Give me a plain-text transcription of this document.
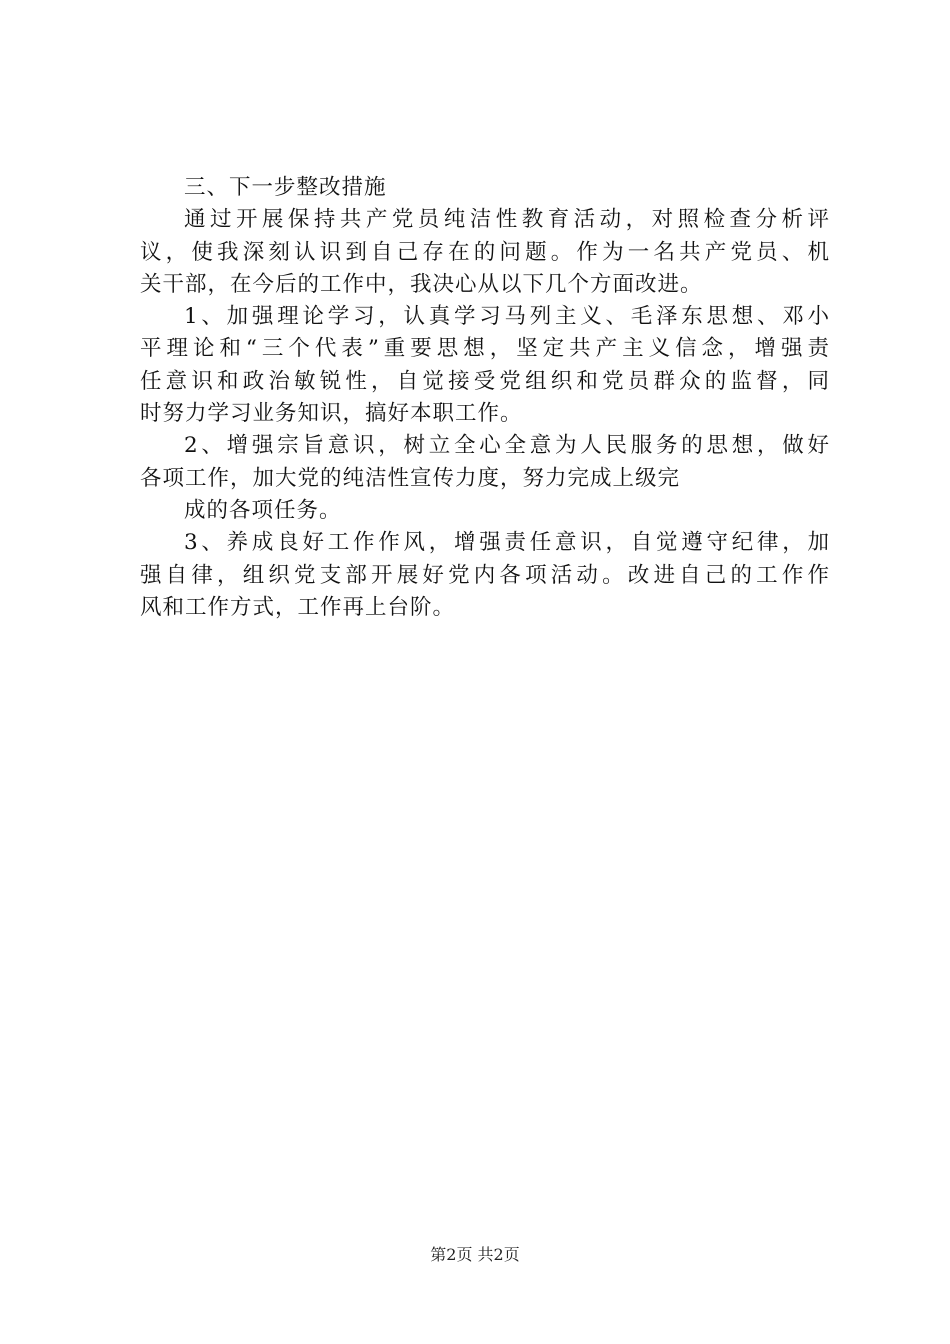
三、下一步整改措施
通过开展保持共产党员纯洁性教育活动，对照检查分析评
议，使我深刻认识到自己存在的问题。作为一名共产党员、机
关干部，在今后的工作中，我决心从以下几个方面改进。
1、加强理论学习，认真学习马列主义、毛泽东思想、邓小
平理论和“三个代表”重要思想，坚定共产主义信念，增强责
任意识和政治敏锐性，自觉接受党组织和党员群众的监督，同
时努力学习业务知识，搞好本职工作。
2、增强宗旨意识，树立全心全意为人民服务的思想，做好
各项工作，加大党的纯洁性宣传力度，努力完成上级完
成的各项任务。
3、养成良好工作作风，增强责任意识，自觉遵守纪律，加
强自律，组织党支部开展好党内各项活动。改进自己的工作作
风和工作方式，工作再上台阶。
第2页 共2页
